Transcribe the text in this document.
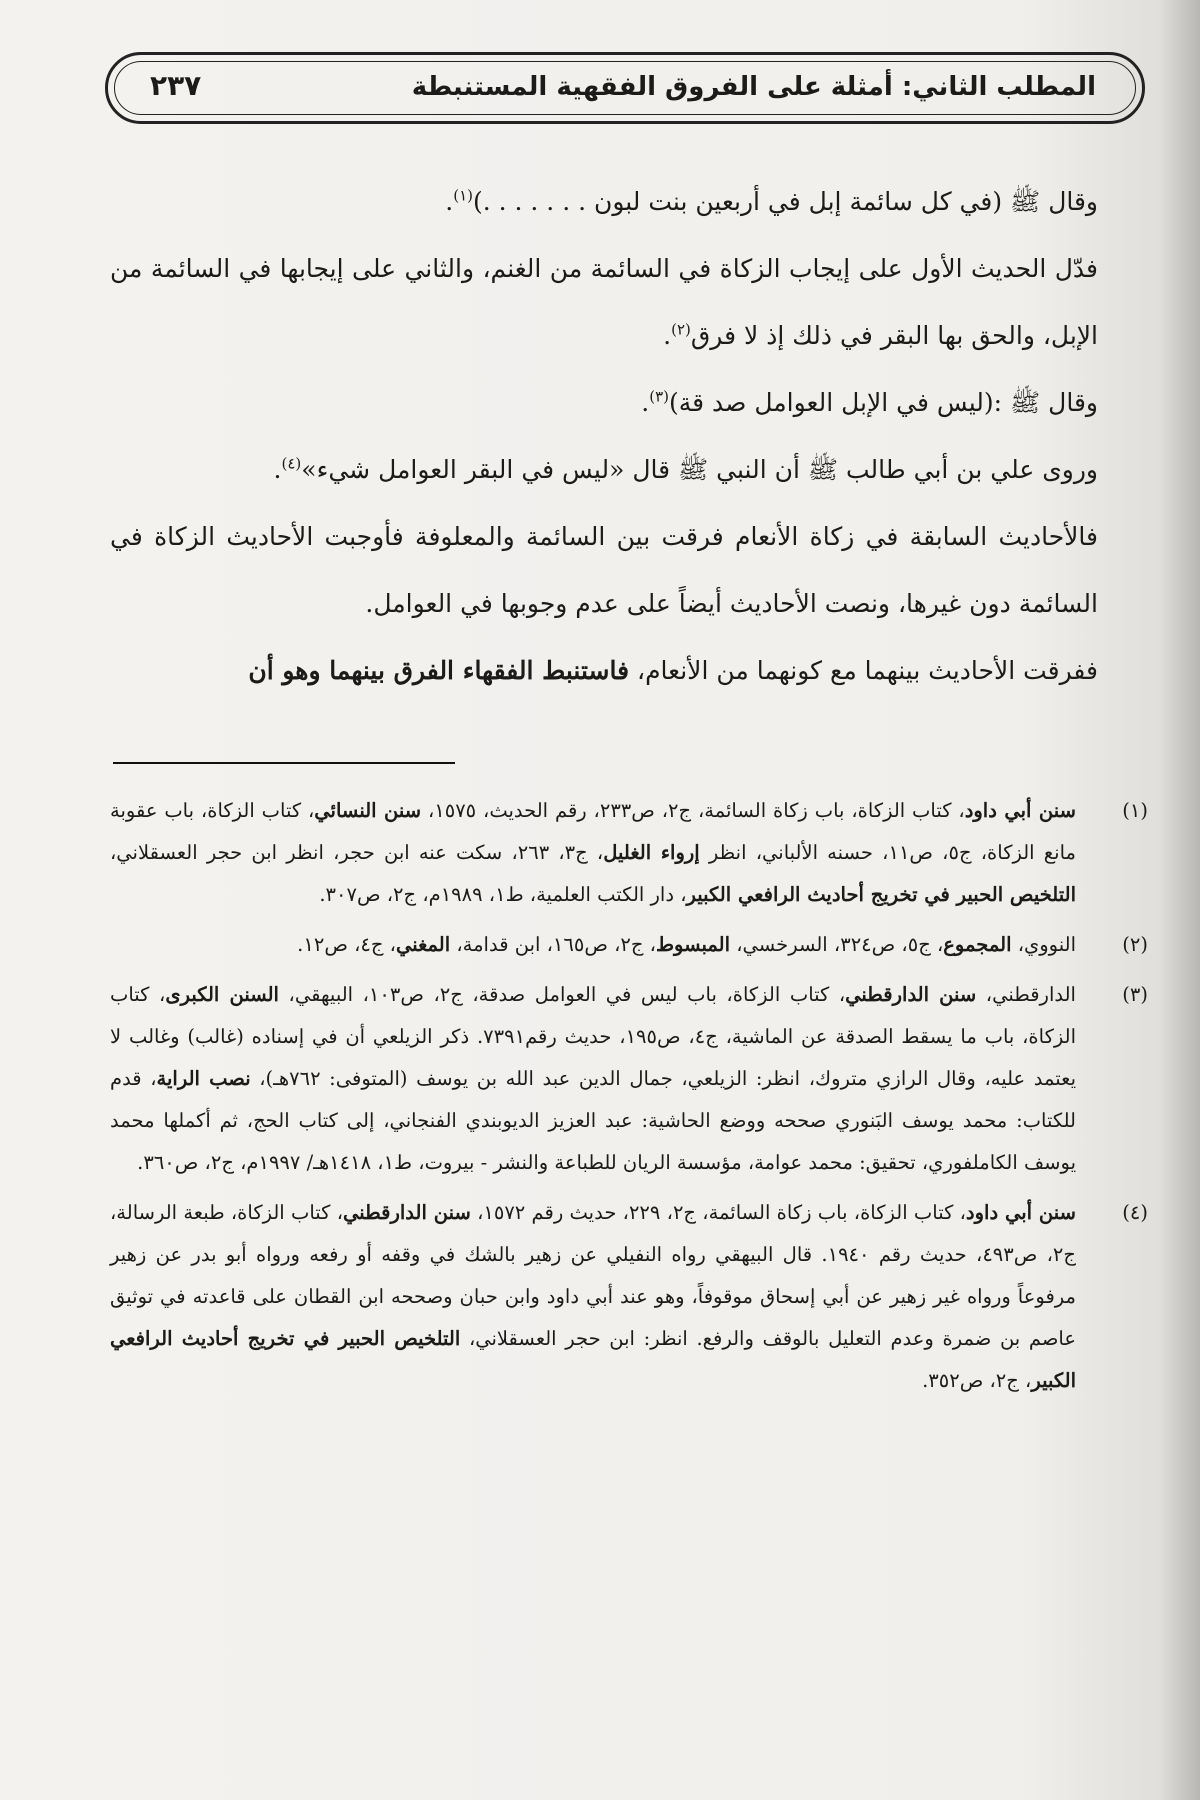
المطلب الثاني: أمثلة على الفروق الفقهية المستنبطة
٢٣٧

وقال ﷺ (في كل سائمة إبل في أربعين بنت لبون . . . . . . .)$^{(١)}$.

فدّل الحديث الأول على إيجاب الزكاة في السائمة من الغنم، والثاني على إيجابها في السائمة من الإبل، والحق بها البقر في ذلك إذ لا فرق$^{(٢)}$.

وقال ﷺ :(ليس في الإبل العوامل صد قة)$^{(٣)}$.

وروى علي بن أبي طالب ﷺ أن النبي ﷺ قال «ليس في البقر العوامل شيء»$^{(٤)}$.

فالأحاديث السابقة في زكاة الأنعام فرقت بين السائمة والمعلوفة فأوجبت الأحاديث الزكاة في السائمة دون غيرها، ونصت الأحاديث أيضاً على عدم وجوبها في العوامل.

ففرقت الأحاديث بينهما مع كونهما من الأنعام، فاستنبط الفقهاء الفرق بينهما وهو أن

(١)
سنن أبي داود، كتاب الزكاة، باب زكاة السائمة، ج٢، ص٢٣٣، رقم الحديث، ١٥٧٥، سنن النسائي، كتاب الزكاة، باب عقوبة مانع الزكاة، ج٥، ص١١، حسنه الألباني، انظر إرواء الغليل، ج٣، ٢٦٣، سكت عنه ابن حجر، انظر ابن حجر العسقلاني، التلخيص الحبير في تخريج أحاديث الرافعي الكبير، دار الكتب العلمية، ط١، ١٩٨٩م، ج٢، ص٣٠٧.

(٢)
النووي، المجموع، ج٥، ص٣٢٤، السرخسي، المبسوط، ج٢، ص١٦٥، ابن قدامة، المغني، ج٤، ص١٢.

(٣)
الدارقطني، سنن الدارقطني، كتاب الزكاة، باب ليس في العوامل صدقة، ج٢، ص١٠٣، البيهقي، السنن الكبرى، كتاب الزكاة، باب ما يسقط الصدقة عن الماشية، ج٤، ص١٩٥، حديث رقم٧٣٩١. ذكر الزيلعي أن في إسناده (غالب) وغالب لا يعتمد عليه، وقال الرازي متروك، انظر: الزيلعي، جمال الدين عبد الله بن يوسف (المتوفى: ٧٦٢هـ)، نصب الراية، قدم للكتاب: محمد يوسف البَنوري صححه ووضع الحاشية: عبد العزيز الديوبندي الفنجاني، إلى كتاب الحج، ثم أكملها محمد يوسف الكاملفوري، تحقيق: محمد عوامة، مؤسسة الريان للطباعة والنشر - بيروت، ط١، ١٤١٨هـ/ ١٩٩٧م، ج٢، ص٣٦٠.

(٤)
سنن أبي داود، كتاب الزكاة، باب زكاة السائمة، ج٢، ٢٢٩، حديث رقم ١٥٧٢، سنن الدارقطني، كتاب الزكاة، طبعة الرسالة، ج٢، ص٤٩٣، حديث رقم ١٩٤٠. قال البيهقي رواه النفيلي عن زهير بالشك في وقفه أو رفعه ورواه أبو بدر عن زهير مرفوعاً ورواه غير زهير عن أبي إسحاق موقوفاً، وهو عند أبي داود وابن حبان وصححه ابن القطان على قاعدته في توثيق عاصم بن ضمرة وعدم التعليل بالوقف والرفع. انظر: ابن حجر العسقلاني، التلخيص الحبير في تخريج أحاديث الرافعي الكبير، ج٢، ص٣٥٢.
